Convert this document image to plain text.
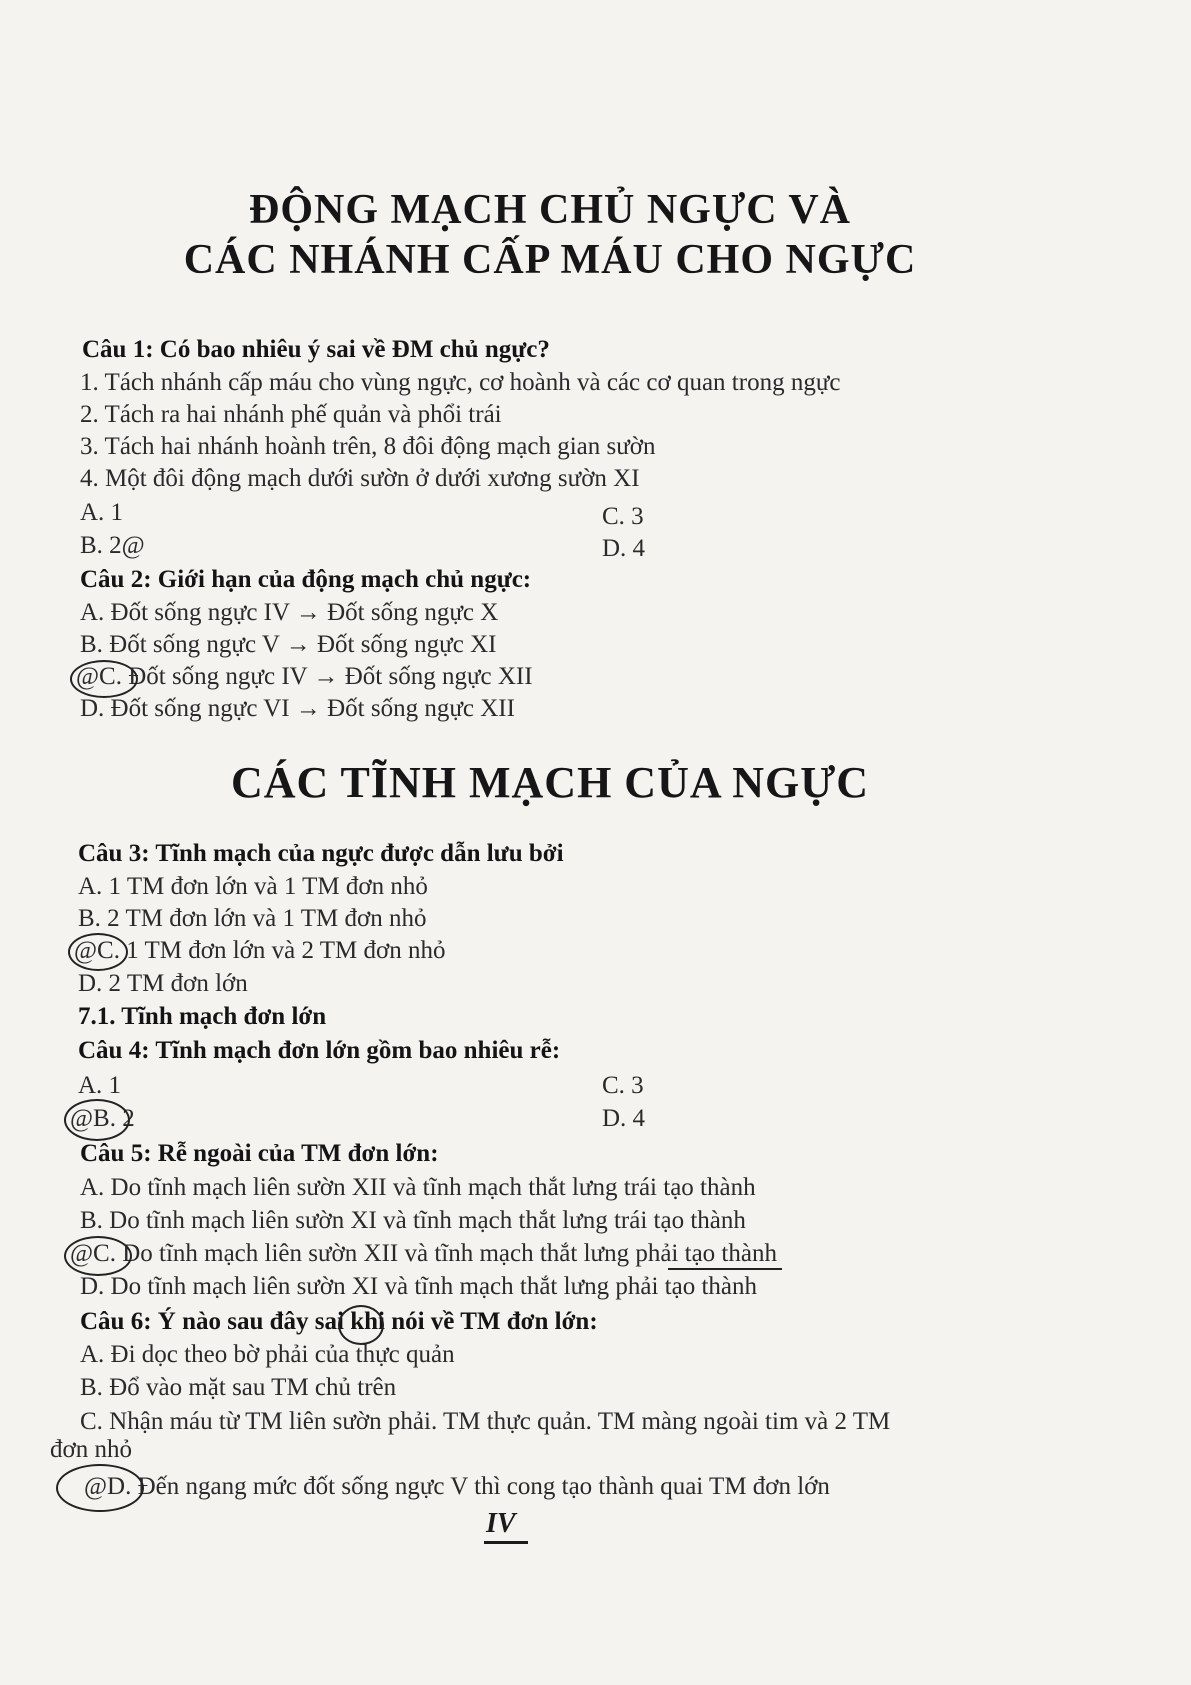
ĐỘNG MẠCH CHỦ NGỰC VÀ
CÁC NHÁNH CẤP MÁU CHO NGỰC
Câu 1: Có bao nhiêu ý sai về ĐM chủ ngực?
1. Tách nhánh cấp máu cho vùng ngực, cơ hoành và các cơ quan trong ngực
2. Tách ra hai nhánh phế quản và phổi trái
3. Tách hai nhánh hoành trên, 8 đôi động mạch gian sườn
4. Một đôi động mạch dưới sườn ở dưới xương sườn XI
A. 1	C. 3
B. 2@	D. 4
Câu 2: Giới hạn của động mạch chủ ngực:
A. Đốt sống ngực IV → Đốt sống ngực X
B. Đốt sống ngực V → Đốt sống ngực XI
@C. Đốt sống ngực IV → Đốt sống ngực XII
D. Đốt sống ngực VI → Đốt sống ngực XII
CÁC TĨNH MẠCH CỦA NGỰC
Câu 3: Tĩnh mạch của ngực được dẫn lưu bởi
A. 1 TM đơn lớn và 1 TM đơn nhỏ
B. 2 TM đơn lớn và 1 TM đơn nhỏ
@C. 1 TM đơn lớn và 2 TM đơn nhỏ
D. 2 TM đơn lớn
7.1. Tĩnh mạch đơn lớn
Câu 4: Tĩnh mạch đơn lớn gồm bao nhiêu rễ:
A. 1	C. 3
@B. 2	D. 4
Câu 5: Rễ ngoài của TM đơn lớn:
A. Do tĩnh mạch liên sườn XII và tĩnh mạch thắt lưng trái tạo thành
B. Do tĩnh mạch liên sườn XI và tĩnh mạch thắt lưng trái tạo thành
@C. Do tĩnh mạch liên sườn XII và tĩnh mạch thắt lưng phải tạo thành
D. Do tĩnh mạch liên sườn XI và tĩnh mạch thắt lưng phải tạo thành
Câu 6: Ý nào sau đây sai khi nói về TM đơn lớn:
A. Đi dọc theo bờ phải của thực quản
B. Đổ vào mặt sau TM chủ trên
C. Nhận máu từ TM liên sườn phải. TM thực quản. TM màng ngoài tim và 2 TM
đơn nhỏ
@D. Đến ngang mức đốt sống ngực V thì cong tạo thành quai TM đơn lớn
IV
